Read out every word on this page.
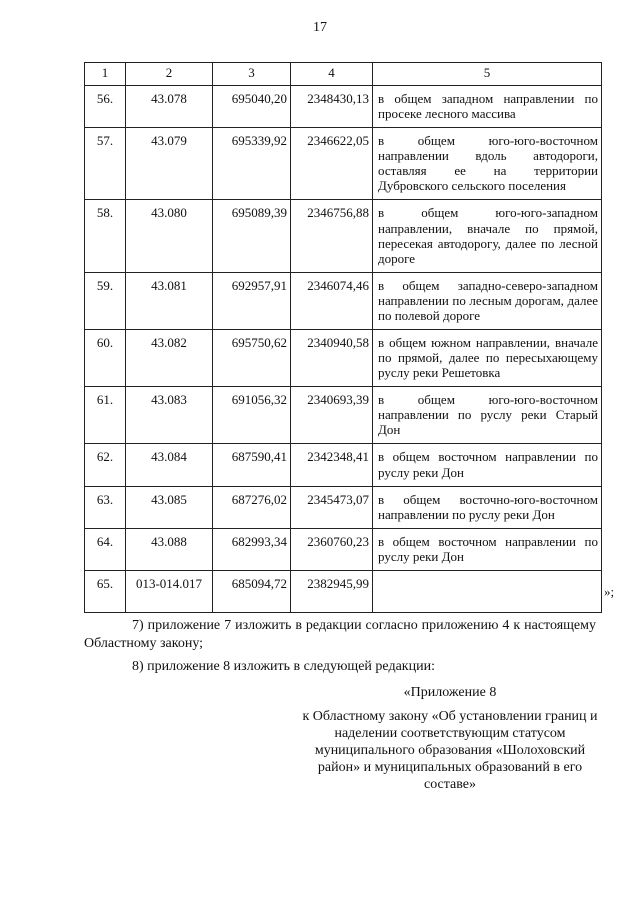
17
1	2	3	4	5
56.	43.078	695040,20	2348430,13	в общем западном направлении по просеке лесного массива
57.	43.079	695339,92	2346622,05	в общем юго-юго-восточном направлении вдоль автодороги, оставляя ее на территории Дубровского сельского поселения
58.	43.080	695089,39	2346756,88	в общем юго-юго-западном направлении, вначале по прямой, пересекая автодорогу, далее по лесной дороге
59.	43.081	692957,91	2346074,46	в общем западно-северо-западном направлении по лесным дорогам, далее по полевой дороге
60.	43.082	695750,62	2340940,58	в общем южном направлении, вначале по прямой, далее по пересыхающему руслу реки Решетовка
61.	43.083	691056,32	2340693,39	в общем юго-юго-восточном направлении по руслу реки Старый Дон
62.	43.084	687590,41	2342348,41	в общем восточном направлении по руслу реки Дон
63.	43.085	687276,02	2345473,07	в общем восточно-юго-восточном направлении по руслу реки Дон
64.	43.088	682993,34	2360760,23	в общем восточном направлении по руслу реки Дон
65.	013-014.017	685094,72	2382945,99	
»;
7) приложение 7 изложить в редакции согласно приложению 4 к настоящему Областному закону;
8) приложение 8 изложить в следующей редакции:
«Приложение 8
к Областному закону «Об установлении границ и наделении соответствующим статусом муниципального образования «Шолоховский район» и муниципальных образований в его составе»
